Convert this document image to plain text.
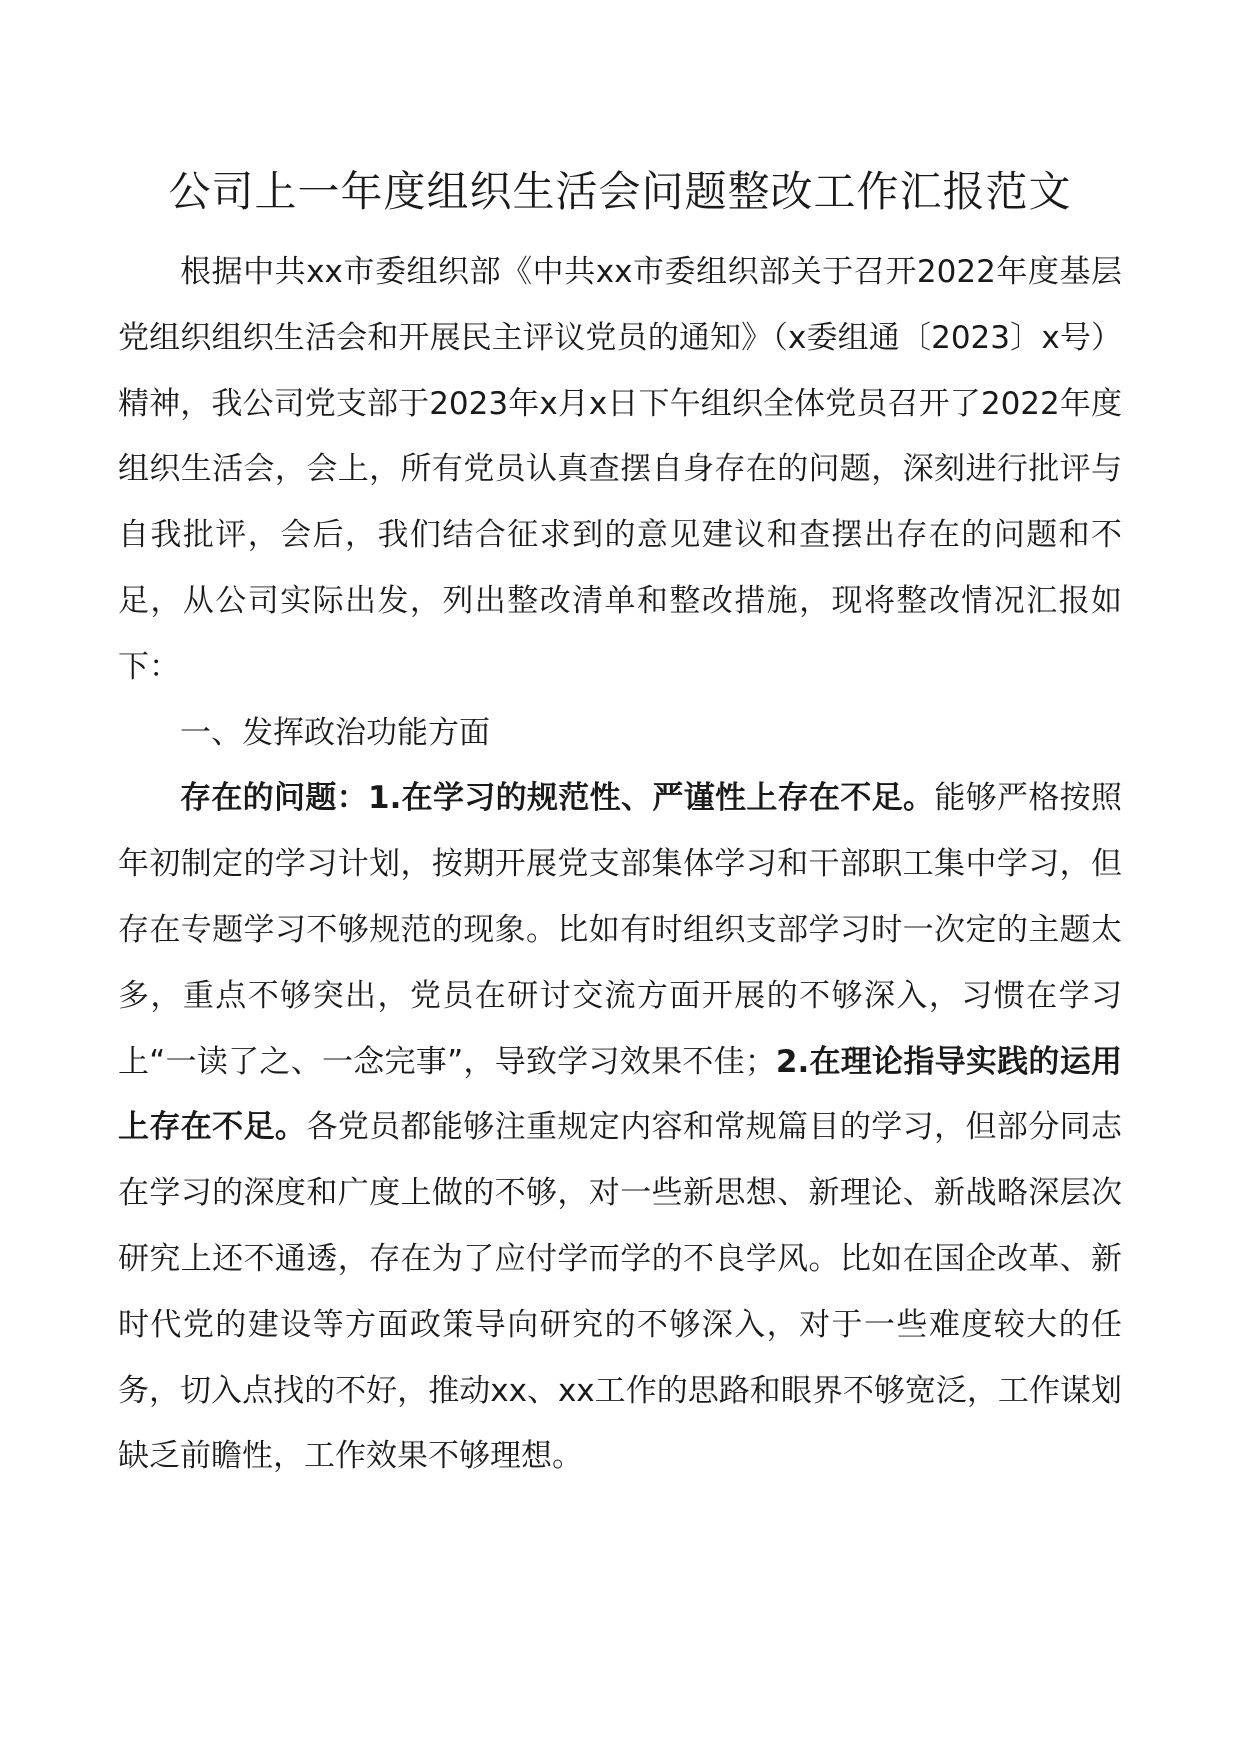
公司上一年度组织生活会问题整改工作汇报范文

根据中共xx市委组织部《中共xx市委组织部关于召开2022年度基层党组织组织生活会和开展民主评议党员的通知》（x委组通〔2023〕x号）精神，我公司党支部于2023年x月x日下午组织全体党员召开了2022年度组织生活会，会上，所有党员认真查摆自身存在的问题，深刻进行批评与自我批评，会后，我们结合征求到的意见建议和查摆出存在的问题和不足，从公司实际出发，列出整改清单和整改措施，现将整改情况汇报如下：

一、发挥政治功能方面

存在的问题：1.在学习的规范性、严谨性上存在不足。能够严格按照年初制定的学习计划，按期开展党支部集体学习和干部职工集中学习，但存在专题学习不够规范的现象。比如有时组织支部学习时一次定的主题太多，重点不够突出，党员在研讨交流方面开展的不够深入，习惯在学习上“一读了之、一念完事”，导致学习效果不佳；2.在理论指导实践的运用上存在不足。各党员都能够注重规定内容和常规篇目的学习，但部分同志在学习的深度和广度上做的不够，对一些新思想、新理论、新战略深层次研究上还不通透，存在为了应付学而学的不良学风。比如在国企改革、新时代党的建设等方面政策导向研究的不够深入，对于一些难度较大的任务，切入点找的不好，推动xx、xx工作的思路和眼界不够宽泛，工作谋划缺乏前瞻性，工作效果不够理想。
